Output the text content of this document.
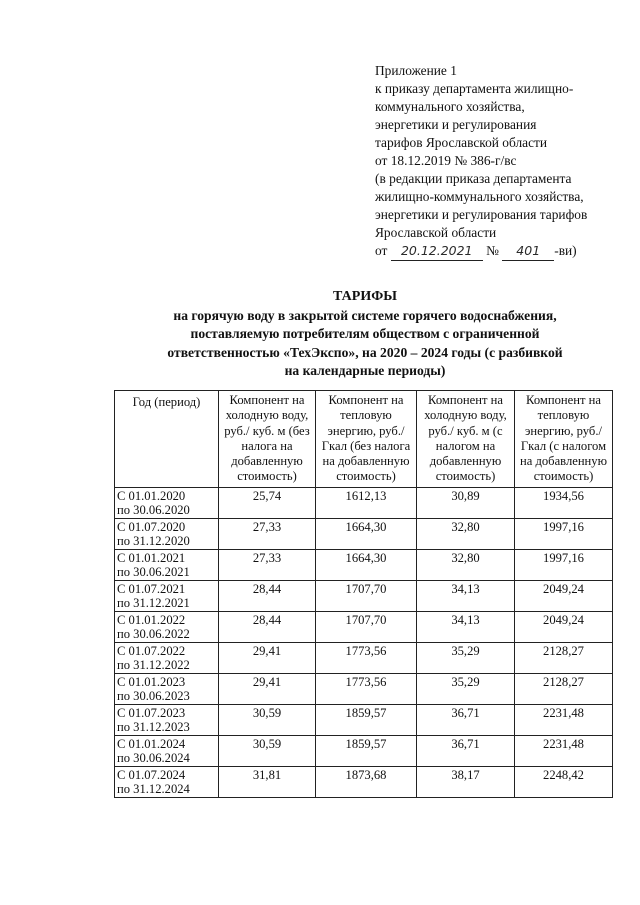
Приложение 1
к приказу департамента жилищно-
коммунального хозяйства,
энергетики и регулирования
тарифов Ярославской области
от 18.12.2019 № 386-г/вс
(в редакции приказа департамента
жилищно-коммунального хозяйства,
энергетики и регулирования тарифов
Ярославской области
от 20.12.2021 № 401 -ви)
ТАРИФЫ
на горячую воду в закрытой системе горячего водоснабжения,
поставляемую потребителям обществом с ограниченной
ответственностью «ТехЭкспо», на 2020 – 2024 годы (с разбивкой
на календарные периоды)
Год (период)	Компонент на холодную воду, руб./ куб. м (без налога на добавленную стоимость)	Компонент на тепловую энергию, руб./Гкал (без налога на добавленную стоимость)	Компонент на холодную воду, руб./ куб. м (с налогом на добавленную стоимость)	Компонент на тепловую энергию, руб./Гкал (с налогом на добавленную стоимость)

С 01.01.2020
по 30.06.2020	25,74	1612,13	30,89	1934,56

С 01.07.2020
по 31.12.2020	27,33	1664,30	32,80	1997,16

С 01.01.2021
по 30.06.2021	27,33	1664,30	32,80	1997,16

С 01.07.2021
по 31.12.2021	28,44	1707,70	34,13	2049,24

С 01.01.2022
по 30.06.2022	28,44	1707,70	34,13	2049,24

С 01.07.2022
по 31.12.2022	29,41	1773,56	35,29	2128,27

С 01.01.2023
по 30.06.2023	29,41	1773,56	35,29	2128,27

С 01.07.2023
по 31.12.2023	30,59	1859,57	36,71	2231,48

С 01.01.2024
по 30.06.2024	30,59	1859,57	36,71	2231,48

С 01.07.2024
по 31.12.2024	31,81	1873,68	38,17	2248,42
